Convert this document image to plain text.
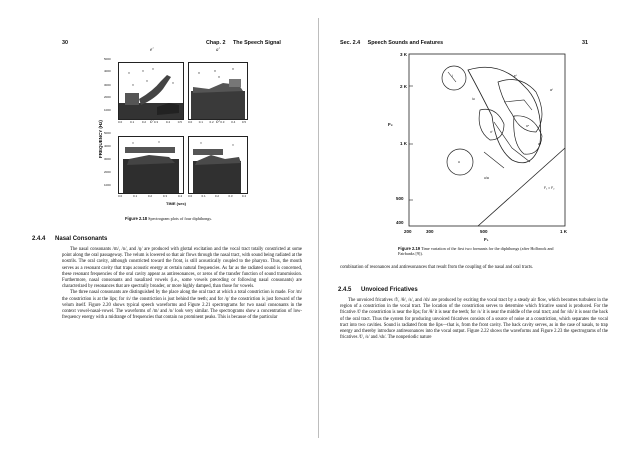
30	Chap. 2 The Speech Signal
e'	a'
o'	oᴵ
5000
4000
3000
2000
1000
5000
4000
3000
2000
1000
FREQUENCY (Hz)	0.0	0.1	0.2	0.3	0.4	0.5 0.0 0.1 0.2 0.3 0.4 0.5
0.0	0.1	0.2	0.3	0.4 0.0	0.1	0.2	0.3	0.4
TIME (sec)
Figure 2.18 Spectrogram plots of four diphthongs.
2.4.4 Nasal Consonants

The nasal consonants /m/, /n/, and /ŋ/ are produced with glottal excitation and the vocal tract totally constricted at some point along the oral passageway. The velum is lowered so that air flows through the nasal tract, with sound being radiated at the nostrils. The oral cavity, although constricted toward the front, is still acoustically coupled to the pharynx. Thus, the mouth serves as a resonant cavity that traps acoustic energy at certain natural frequencies. As far as the radiated sound is concerned, these resonant frequencies of the oral cavity appear as antiresonances, or zeros of the transfer function of sound transmission. Furthermore, nasal consonants and nasalized vowels (i.e., some vowels preceding or following nasal consonants) are characterized by resonances that are spectrally broader, or more highly damped, than those for vowels.

The three nasal consonants are distinguished by the place along the oral tract at which a total constriction is made. For /m/ the constriction is at the lips; for /n/ the constriction is just behind the teeth; and for /ŋ/ the constriction is just forward of the velum itself. Figure 2.20 shows typical speech waveforms and Figure 2.21 spectrograms for two nasal consonants in the context vowel-nasal-vowel. The waveforms of /m/ and /n/ look very similar. The spectrograms show a concentration of low-frequency energy with a midrange of frequencies that contain no prominent peaks. This is because of the particular

Sec. 2.4 Speech Sounds and Features	31
3 K
2 K
1 K
500
400
F₂
200	300	500	1 K
F₁
i
iu
eᴵ
aᴵ
ɔᴵ
u
aᵘ
oᵘ
u/a
F₁ = F₂
Figure 2.19 Time variation of the first two formants for the diphthongs (after Holbrook and Fairbanks [9]).

combination of resonances and antiresonances that result from the coupling of the nasal and oral tracts.

2.4.5 Unvoiced Fricatives

The unvoiced fricatives /f/, /θ/, /s/, and /sh/ are produced by exciting the vocal tract by a steady air flow, which becomes turbulent in the region of a constriction in the vocal tract. The location of the constriction serves to determine which fricative sound is produced. For the fricative /f/ the constriction is near the lips; for /θ/ it is near the teeth; for /s/ it is near the middle of the oral tract; and for /sh/ it is near the back of the oral tract. Thus the system for producing unvoiced fricatives consists of a source of noise at a constriction, which separates the vocal tract into two cavities. Sound is radiated from the lips—that is, from the front cavity. The back cavity serves, as in the case of nasals, to trap energy and thereby introduce antiresonances into the vocal output. Figure 2.22 shows the waveforms and Figure 2.23 the spectrograms of the fricatives /f/, /s/ and /sh/. The nonperiodic nature
